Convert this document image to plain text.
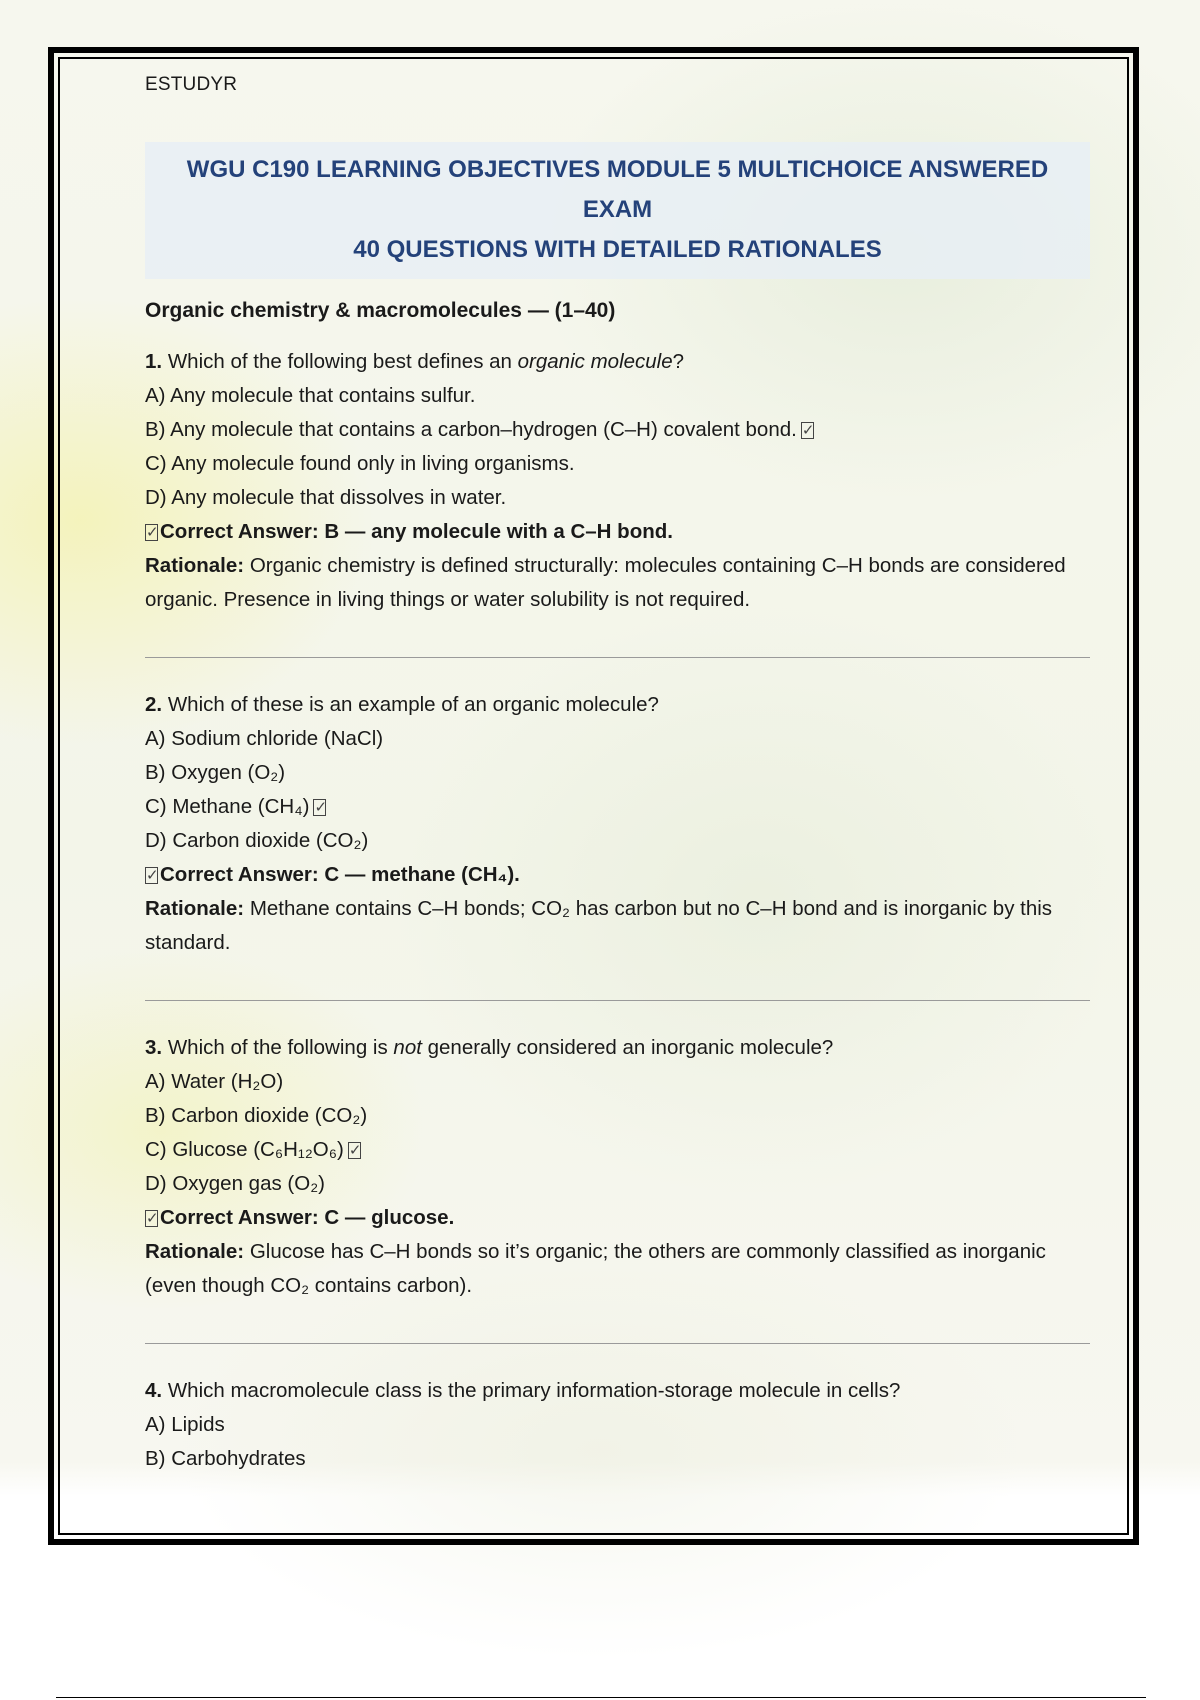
ESTUDYR
WGU C190 LEARNING OBJECTIVES MODULE 5 MULTICHOICE ANSWERED EXAM
40 QUESTIONS WITH DETAILED RATIONALES
Organic chemistry & macromolecules — (1–40)
1. Which of the following best defines an organic molecule?
A) Any molecule that contains sulfur.
B) Any molecule that contains a carbon–hydrogen (C–H) covalent bond. ✓
C) Any molecule found only in living organisms.
D) Any molecule that dissolves in water.
✓Correct Answer: B — any molecule with a C–H bond.
Rationale: Organic chemistry is defined structurally: molecules containing C–H bonds are considered organic. Presence in living things or water solubility is not required.
2. Which of these is an example of an organic molecule?
A) Sodium chloride (NaCl)
B) Oxygen (O₂)
C) Methane (CH₄) ✓
D) Carbon dioxide (CO₂)
✓Correct Answer: C — methane (CH₄).
Rationale: Methane contains C–H bonds; CO₂ has carbon but no C–H bond and is inorganic by this standard.
3. Which of the following is not generally considered an inorganic molecule?
A) Water (H₂O)
B) Carbon dioxide (CO₂)
C) Glucose (C₆H₁₂O₆) ✓
D) Oxygen gas (O₂)
✓Correct Answer: C — glucose.
Rationale: Glucose has C–H bonds so it’s organic; the others are commonly classified as inorganic (even though CO₂ contains carbon).
4. Which macromolecule class is the primary information-storage molecule in cells?
A) Lipids
B) Carbohydrates
